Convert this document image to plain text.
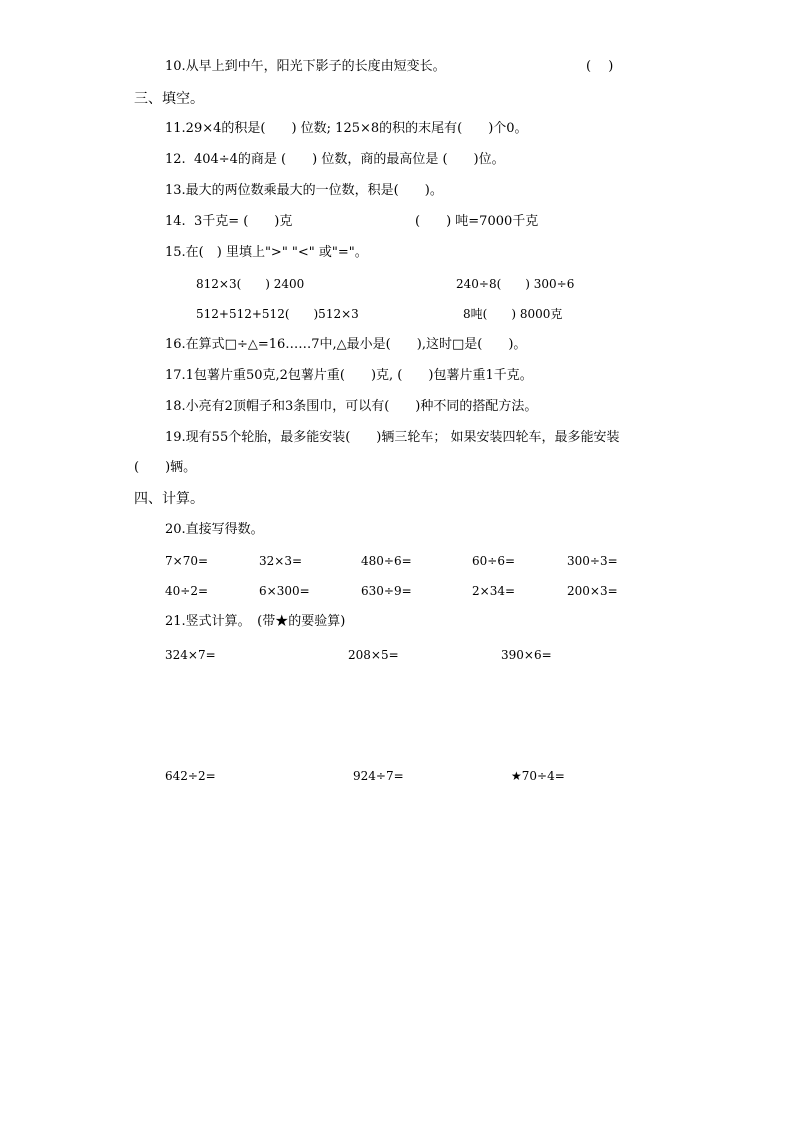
10.从早上到中午，阳光下影子的长度由短变长。	(　 )
三、填空。
11.29×4的积是(　　) 位数; 125×8的积的末尾有(　　)个0。
12.  404÷4的商是 (　　) 位数，商的最高位是 (　　)位。
13.最大的两位数乘最大的一位数，积是(　　)。
14.  3千克= (　　)克	(　　) 吨=7000千克
15.在(　) 里填上">" "<" 或"="。
812×3(　　) 2400	240÷8(　　) 300÷6
512+512+512(　　)512×3	8吨(　　) 8000克
16.在算式□÷△=16……7中,△最小是(　　),这时□是(　　)。
17.1包薯片重50克,2包薯片重(　　)克, (　　)包薯片重1千克。
18.小亮有2顶帽子和3条围巾，可以有(　　)种不同的搭配方法。
19.现有55个轮胎，最多能安装(　　)辆三轮车； 如果安装四轮车，最多能安装
(　　)辆。
四、计算。
20.直接写得数。
7×70=	32×3=	480÷6=	60÷6=	300÷3=
40÷2=	6×300=	630÷9=	2×34=	200×3=
21.竖式计算。　(带★的要验算)
324×7=	208×5=	390×6=
642÷2=	924÷7=	★70÷4=
